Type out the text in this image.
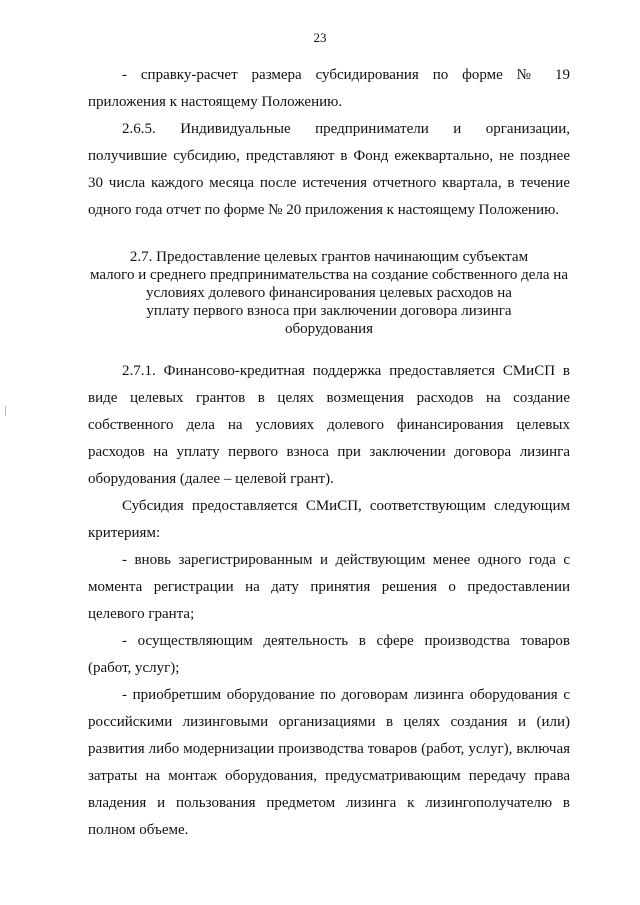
23

- справку-расчет размера субсидирования по форме № 19 приложения к настоящему Положению.

2.6.5. Индивидуальные предприниматели и организации, получившие субсидию, представляют в Фонд ежеквартально, не позднее 30 числа каждого месяца после истечения отчетного квартала, в течение одного года отчет по форме № 20 приложения к настоящему Положению.

2.7. Предоставление целевых грантов начинающим субъектам
малого и среднего предпринимательства на создание собственного дела на
условиях долевого финансирования целевых расходов на
уплату первого взноса при заключении договора лизинга
оборудования

2.7.1. Финансово-кредитная поддержка предоставляется СМиСП в виде целевых грантов в целях возмещения расходов на создание собственного дела на условиях долевого финансирования целевых расходов на уплату первого взноса при заключении договора лизинга оборудования (далее – целевой грант).

Субсидия предоставляется СМиСП, соответствующим следующим критериям:

- вновь зарегистрированным и действующим менее одного года с момента регистрации на дату принятия решения о предоставлении целевого гранта;

- осуществляющим деятельность в сфере производства товаров (работ, услуг);

- приобретшим оборудование по договорам лизинга оборудования с российскими лизинговыми организациями в целях создания и (или) развития либо модернизации производства товаров (работ, услуг), включая затраты на монтаж оборудования, предусматривающим передачу права владения и пользования предметом лизинга к лизингополучателю в полном объеме.
